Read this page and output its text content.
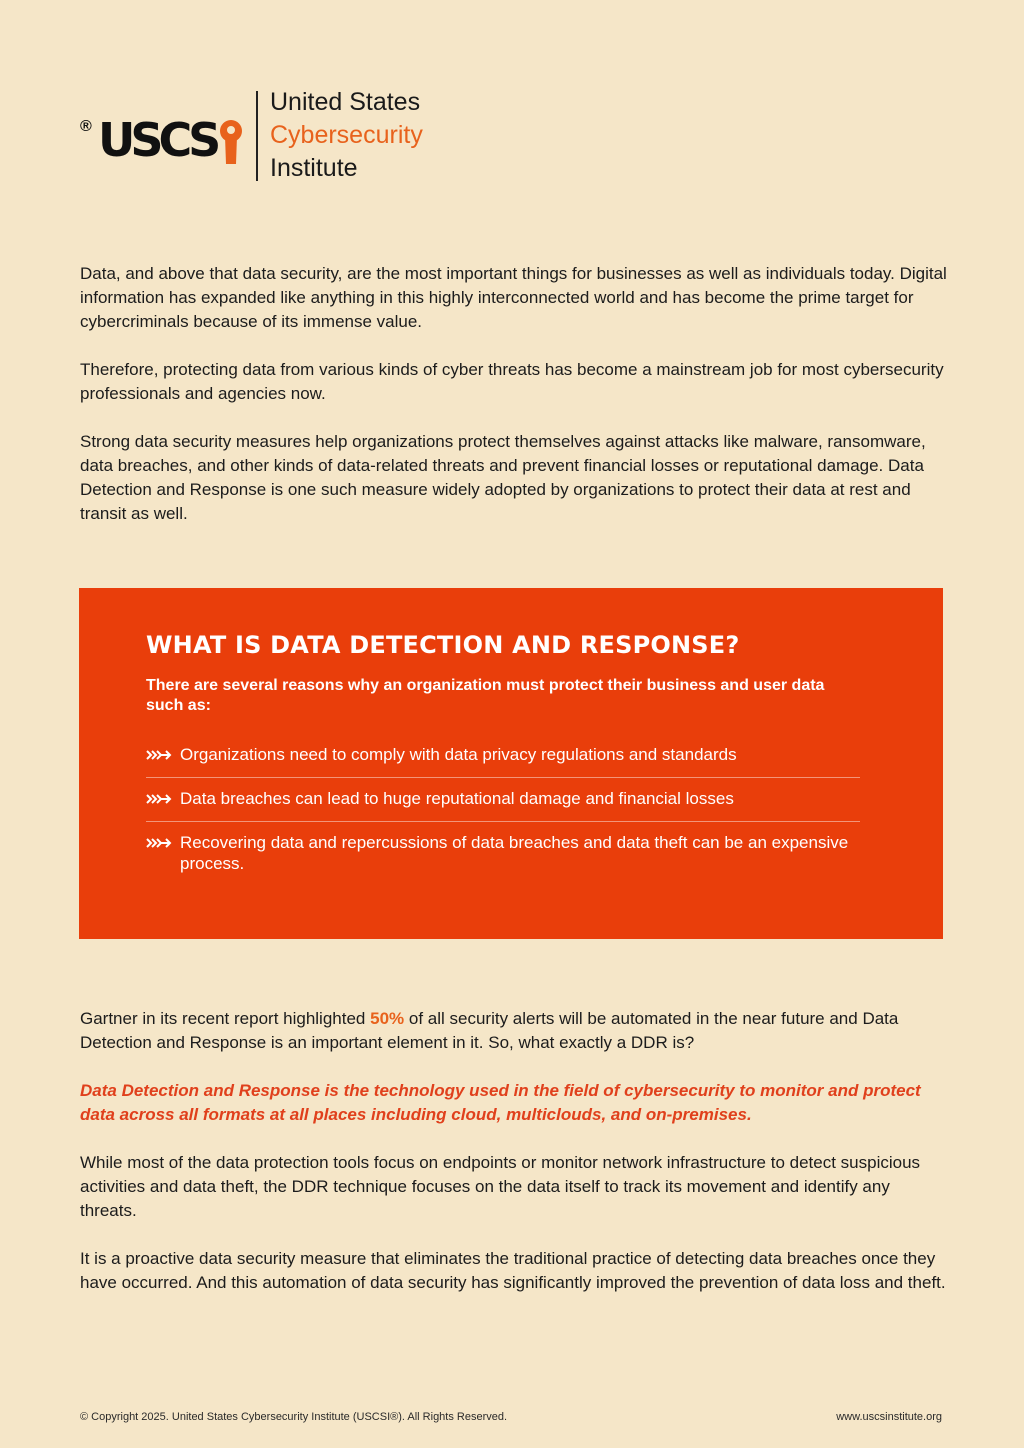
® USCS
United States
Cybersecurity
Institute

Data, and above that data security, are the most important things for businesses as well as individuals today. Digital information has expanded like anything in this highly interconnected world and has become the prime target for cybercriminals because of its immense value.

Therefore, protecting data from various kinds of cyber threats has become a mainstream job for most cybersecurity professionals and agencies now.

Strong data security measures help organizations protect themselves against attacks like malware, ransomware, data breaches, and other kinds of data-related threats and prevent financial losses or reputational damage. Data Detection and Response is one such measure widely adopted by organizations to protect their data at rest and transit as well.

WHAT IS DATA DETECTION AND RESPONSE?

There are several reasons why an organization must protect their business and user data such as:

Organizations need to comply with data privacy regulations and standards
Data breaches can lead to huge reputational damage and financial losses
Recovering data and repercussions of data breaches and data theft can be an expensive process.

Gartner in its recent report highlighted 50% of all security alerts will be automated in the near future and Data Detection and Response is an important element in it. So, what exactly a DDR is?

Data Detection and Response is the technology used in the field of cybersecurity to monitor and protect data across all formats at all places including cloud, multiclouds, and on-premises.

While most of the data protection tools focus on endpoints or monitor network infrastructure to detect suspicious activities and data theft, the DDR technique focuses on the data itself to track its movement and identify any threats.

It is a proactive data security measure that eliminates the traditional practice of detecting data breaches once they have occurred. And this automation of data security has significantly improved the prevention of data loss and theft.

© Copyright 2025. United States Cybersecurity Institute (USCSI®). All Rights Reserved.	www.uscsinstitute.org
